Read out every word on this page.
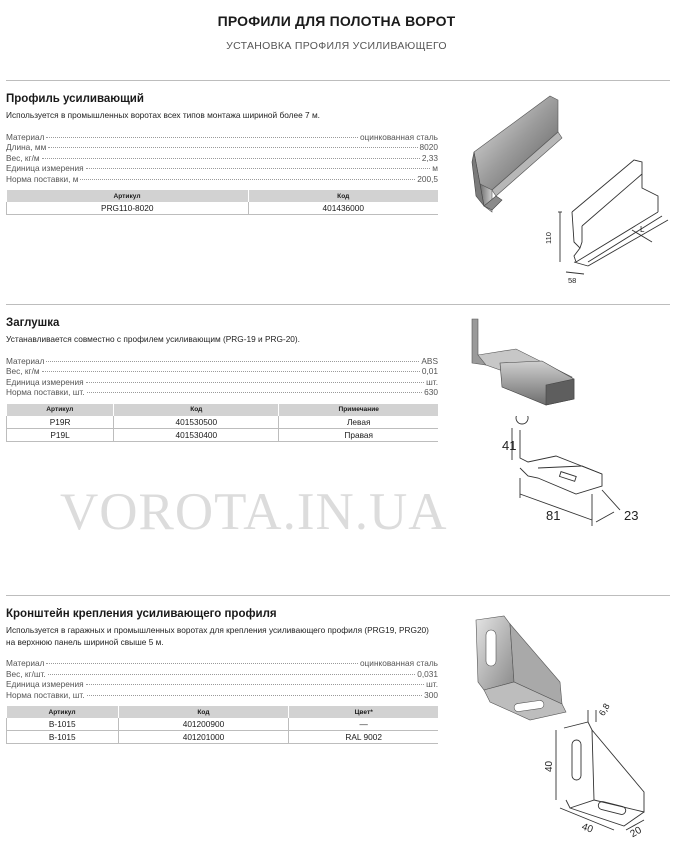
ПРОФИЛИ ДЛЯ ПОЛОТНА ВОРОТ
УСТАНОВКА ПРОФИЛЯ УСИЛИВАЮЩЕГО
Профиль усиливающий
Используется в промышленных воротах всех типов монтажа шириной более 7 м.
Материал	оцинкованная сталь
Длина, мм	8020
Вес, кг/м	2,33
Единица измерения	м
Норма поставки, м	200,5
Артикул	Код
PRG110-8020	401436000
110
58
L
Заглушка
Устанавливается совместно с профилем усиливающим (PRG-19 и PRG-20).
Материал	ABS
Вес, кг/м	0,01
Единица измерения	шт.
Норма поставки, шт.	630
Артикул	Код	Примечание
P19R	401530500	Левая
P19L	401530400	Правая
41
81	23
VOROTA.IN.UA
Кронштейн крепления усиливающего профиля
Используется в гаражных и промышленных воротах для крепления усиливающего профиля (PRG19, PRG20) на верхнюю панель шириной свыше 5 м.
Материал	оцинкованная сталь
Вес, кг/шт.	0,031
Единица измерения	шт.
Норма поставки, шт.	300
Артикул	Код	Цвет*
B-1015	401200900	—
B-1015	401201000	RAL 9002
40
6,8
40	20
